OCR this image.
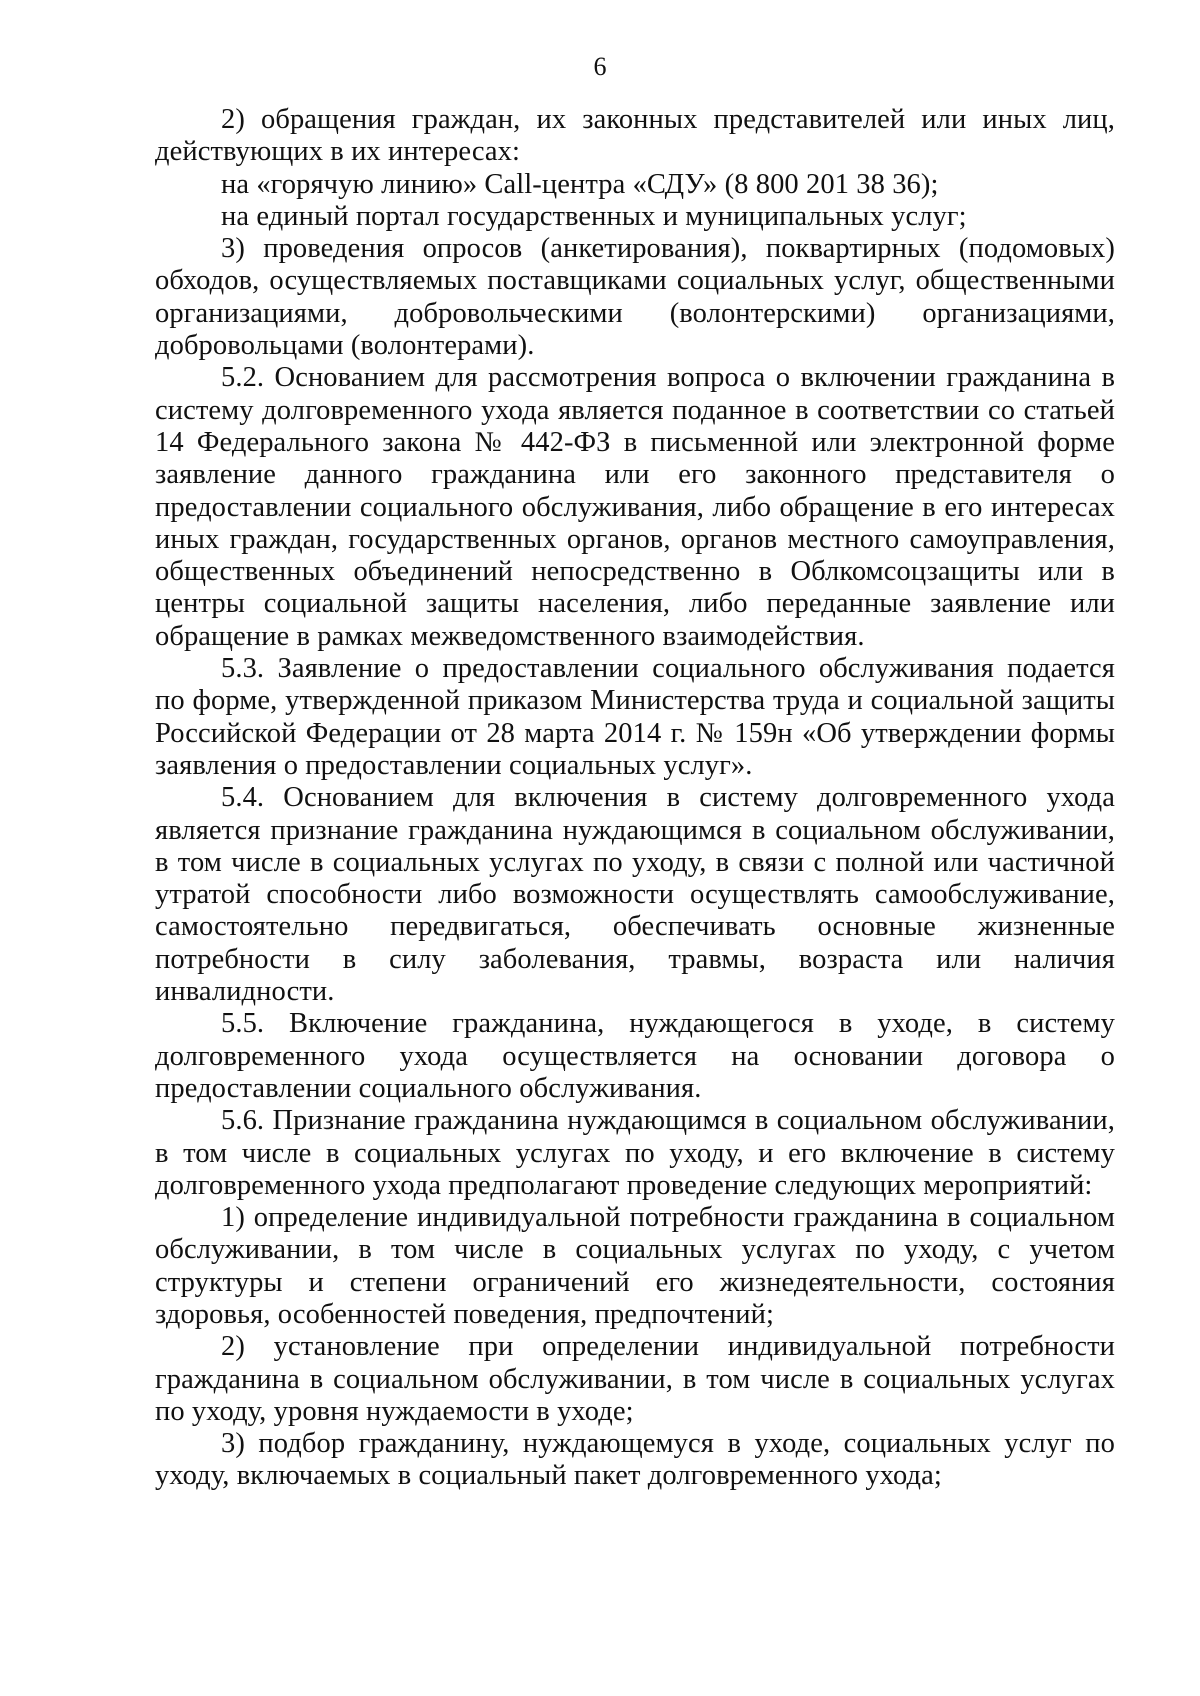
6

2) обращения граждан, их законных представителей или иных лиц, действующих в их интересах:

на «горячую линию» Call-центра «СДУ» (8 800 201 38 36);

на единый портал государственных и муниципальных услуг;

3) проведения опросов (анкетирования), поквартирных (подомовых) обходов, осуществляемых поставщиками социальных услуг, общественными организациями, добровольческими (волонтерскими) организациями, добровольцами (волонтерами).

5.2. Основанием для рассмотрения вопроса о включении гражданина в систему долговременного ухода является поданное в соответствии со статьей 14 Федерального закона № 442-ФЗ в письменной или электронной форме заявление данного гражданина или его законного представителя о предоставлении социального обслуживания, либо обращение в его интересах иных граждан, государственных органов, органов местного самоуправления, общественных объединений непосредственно в Облкомсоцзащиты или в центры социальной защиты населения, либо переданные заявление или обращение в рамках межведомственного взаимодействия.

5.3. Заявление о предоставлении социального обслуживания подается по форме, утвержденной приказом Министерства труда и социальной защиты Российской Федерации от 28 марта 2014 г. № 159н «Об утверждении формы заявления о предоставлении социальных услуг».

5.4. Основанием для включения в систему долговременного ухода является признание гражданина нуждающимся в социальном обслуживании, в том числе в социальных услугах по уходу, в связи с полной или частичной утратой способности либо возможности осуществлять самообслуживание, самостоятельно передвигаться, обеспечивать основные жизненные потребности в силу заболевания, травмы, возраста или наличия инвалидности.

5.5. Включение гражданина, нуждающегося в уходе, в систему долговременного ухода осуществляется на основании договора о предоставлении социального обслуживания.

5.6. Признание гражданина нуждающимся в социальном обслуживании, в том числе в социальных услугах по уходу, и его включение в систему долговременного ухода предполагают проведение следующих мероприятий:

1) определение индивидуальной потребности гражданина в социальном обслуживании, в том числе в социальных услугах по уходу, с учетом структуры и степени ограничений его жизнедеятельности, состояния здоровья, особенностей поведения, предпочтений;

2) установление при определении индивидуальной потребности гражданина в социальном обслуживании, в том числе в социальных услугах по уходу, уровня нуждаемости в уходе;

3) подбор гражданину, нуждающемуся в уходе, социальных услуг по уходу, включаемых в социальный пакет долговременного ухода;
